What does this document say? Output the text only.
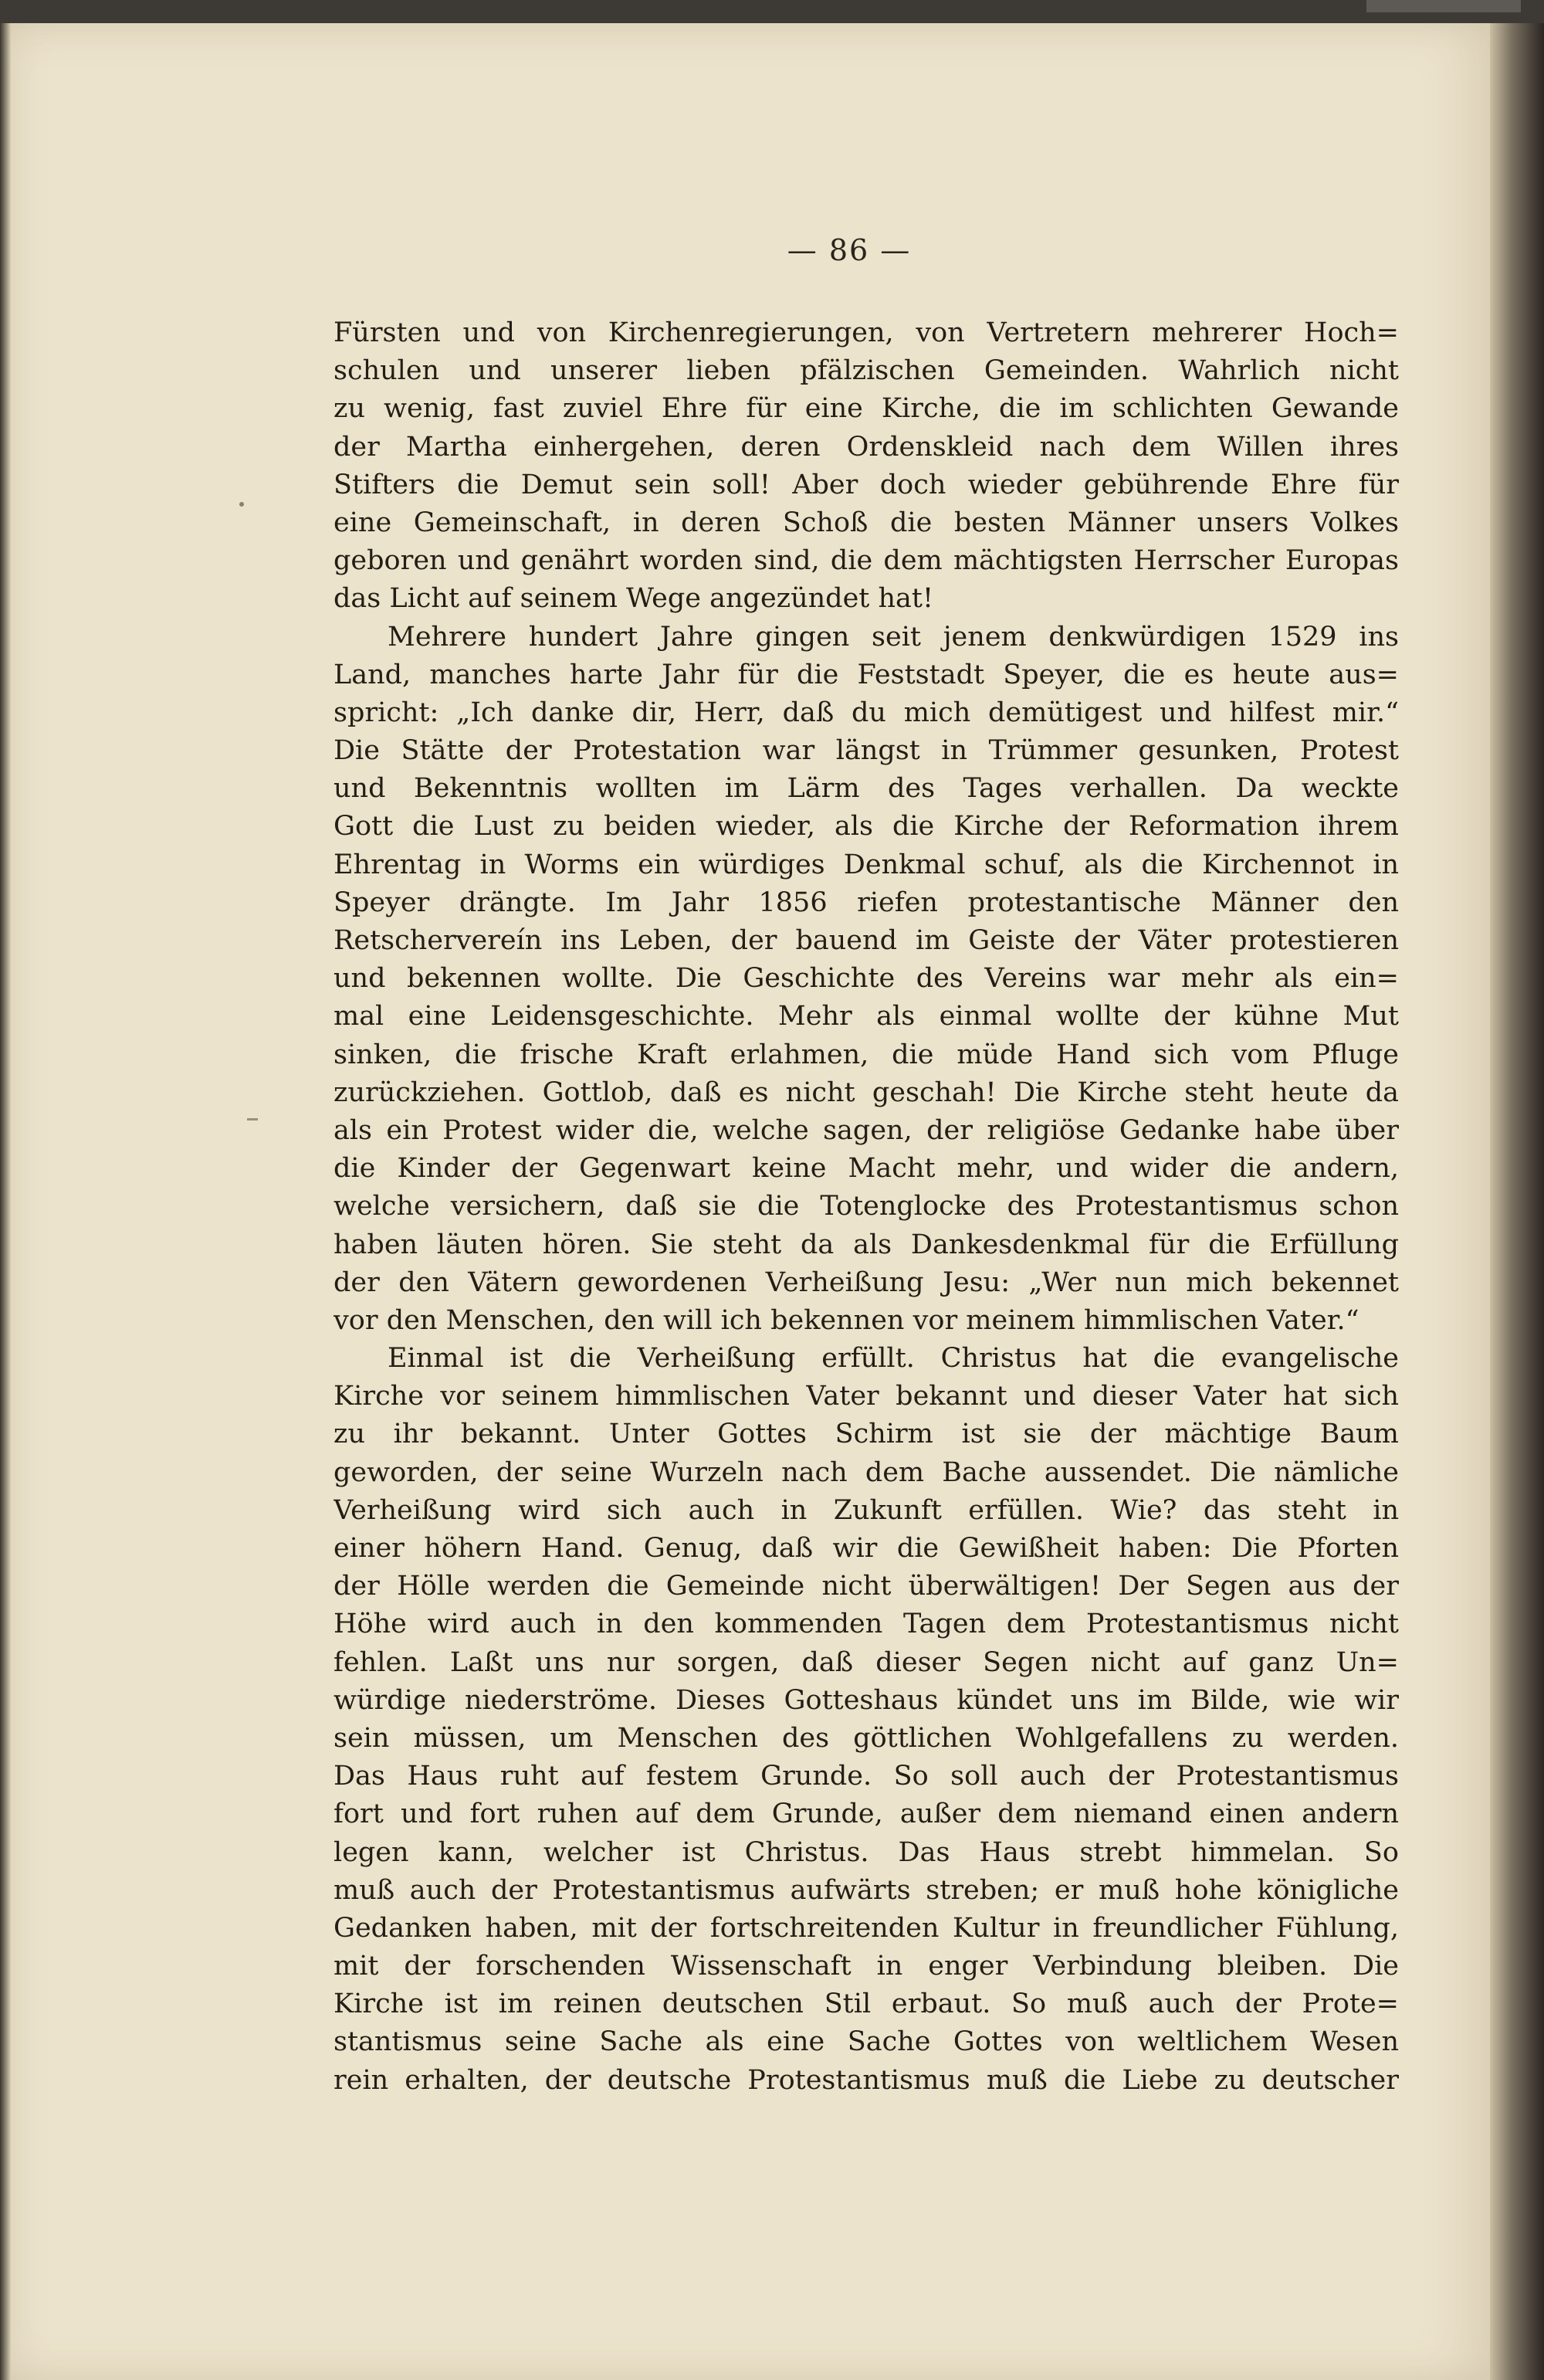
— 86 —
Fürsten und von Kirchenregierungen, von Vertretern mehrerer Hoch=
schulen und unserer lieben pfälzischen Gemeinden. Wahrlich nicht
zu wenig, fast zuviel Ehre für eine Kirche, die im schlichten Gewande
der Martha einhergehen, deren Ordenskleid nach dem Willen ihres
Stifters die Demut sein soll! Aber doch wieder gebührende Ehre für
eine Gemeinschaft, in deren Schoß die besten Männer unsers Volkes
geboren und genährt worden sind, die dem mächtigsten Herrscher Europas
das Licht auf seinem Wege angezündet hat!
Mehrere hundert Jahre gingen seit jenem denkwürdigen 1529 ins
Land, manches harte Jahr für die Feststadt Speyer, die es heute aus=
spricht: „Ich danke dir, Herr, daß du mich demütigest und hilfest mir.“
Die Stätte der Protestation war längst in Trümmer gesunken, Protest
und Bekenntnis wollten im Lärm des Tages verhallen. Da weckte
Gott die Lust zu beiden wieder, als die Kirche der Reformation ihrem
Ehrentag in Worms ein würdiges Denkmal schuf, als die Kirchennot in
Speyer drängte. Im Jahr 1856 riefen protestantische Männer den
Retschervereín ins Leben, der bauend im Geiste der Väter protestieren
und bekennen wollte. Die Geschichte des Vereins war mehr als ein=
mal eine Leidensgeschichte. Mehr als einmal wollte der kühne Mut
sinken, die frische Kraft erlahmen, die müde Hand sich vom Pfluge
zurückziehen. Gottlob, daß es nicht geschah! Die Kirche steht heute da
als ein Protest wider die, welche sagen, der religiöse Gedanke habe über
die Kinder der Gegenwart keine Macht mehr, und wider die andern,
welche versichern, daß sie die Totenglocke des Protestantismus schon
haben läuten hören. Sie steht da als Dankesdenkmal für die Erfüllung
der den Vätern gewordenen Verheißung Jesu: „Wer nun mich bekennet
vor den Menschen, den will ich bekennen vor meinem himmlischen Vater.“
Einmal ist die Verheißung erfüllt. Christus hat die evangelische
Kirche vor seinem himmlischen Vater bekannt und dieser Vater hat sich
zu ihr bekannt. Unter Gottes Schirm ist sie der mächtige Baum
geworden, der seine Wurzeln nach dem Bache aussendet. Die nämliche
Verheißung wird sich auch in Zukunft erfüllen. Wie? das steht in
einer höhern Hand. Genug, daß wir die Gewißheit haben: Die Pforten
der Hölle werden die Gemeinde nicht überwältigen! Der Segen aus der
Höhe wird auch in den kommenden Tagen dem Protestantismus nicht
fehlen. Laßt uns nur sorgen, daß dieser Segen nicht auf ganz Un=
würdige niederströme. Dieses Gotteshaus kündet uns im Bilde, wie wir
sein müssen, um Menschen des göttlichen Wohlgefallens zu werden.
Das Haus ruht auf festem Grunde. So soll auch der Protestantismus
fort und fort ruhen auf dem Grunde, außer dem niemand einen andern
legen kann, welcher ist Christus. Das Haus strebt himmelan. So
muß auch der Protestantismus aufwärts streben; er muß hohe königliche
Gedanken haben, mit der fortschreitenden Kultur in freundlicher Fühlung,
mit der forschenden Wissenschaft in enger Verbindung bleiben. Die
Kirche ist im reinen deutschen Stil erbaut. So muß auch der Prote=
stantismus seine Sache als eine Sache Gottes von weltlichem Wesen
rein erhalten, der deutsche Protestantismus muß die Liebe zu deutscher
